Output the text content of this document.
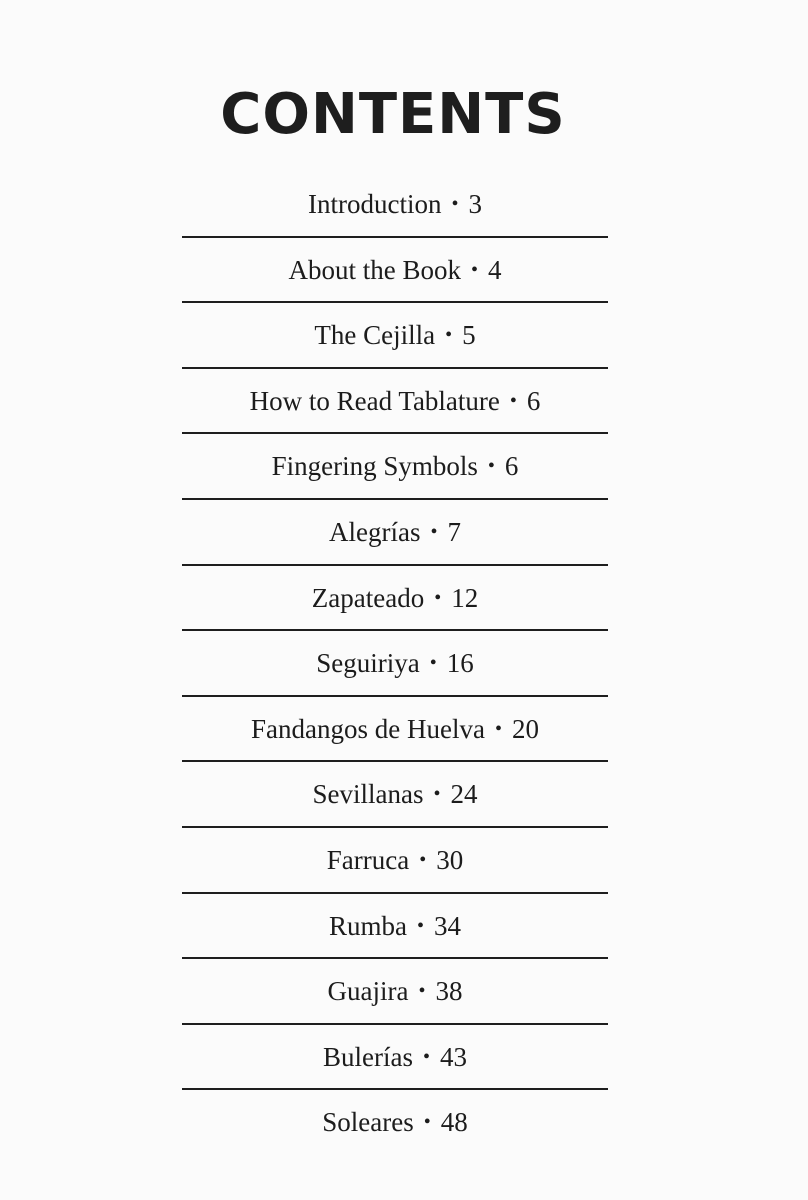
CONTENTS
Introduction • 3
About the Book • 4
The Cejilla • 5
How to Read Tablature • 6
Fingering Symbols • 6
Alegrías • 7
Zapateado • 12
Seguiriya • 16
Fandangos de Huelva • 20
Sevillanas • 24
Farruca • 30
Rumba • 34
Guajira • 38
Bulerías • 43
Soleares • 48
